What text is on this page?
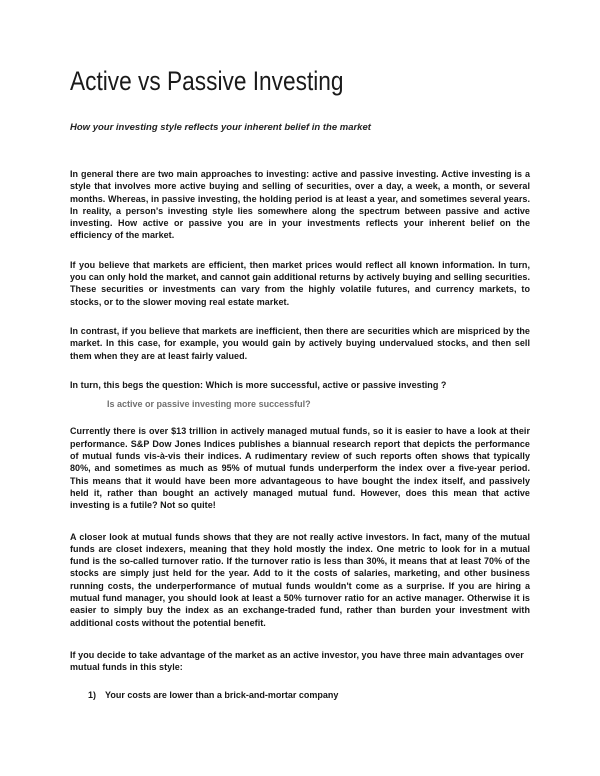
Active vs Passive Investing

How your investing style reflects your inherent belief in the market

In general there are two main approaches to investing: active and passive investing. Active investing is a style that involves more active buying and selling of securities, over a day, a week, a month, or several months. Whereas, in passive investing, the holding period is at least a year, and sometimes several years. In reality, a person's investing style lies somewhere along the spectrum between passive and active investing. How active or passive you are in your investments reflects your inherent belief on the efficiency of the market.

If you believe that markets are efficient, then market prices would reflect all known information. In turn, you can only hold the market, and cannot gain additional returns by actively buying and selling securities. These securities or investments can vary from the highly volatile futures, and currency markets, to stocks, or to the slower moving real estate market.

In contrast, if you believe that markets are inefficient, then there are securities which are mispriced by the market. In this case, for example, you would gain by actively buying undervalued stocks, and then sell them when they are at least fairly valued.

In turn, this begs the question: Which is more successful, active or passive investing ?

Is active or passive investing more successful?

Currently there is over $13 trillion in actively managed mutual funds, so it is easier to have a look at their performance. S&P Dow Jones Indices publishes a biannual research report that depicts the performance of mutual funds vis-à-vis their indices. A rudimentary review of such reports often shows that typically 80%, and sometimes as much as 95% of mutual funds underperform the index over a five-year period. This means that it would have been more advantageous to have bought the index itself, and passively held it, rather than bought an actively managed mutual fund. However, does this mean that active investing is a futile? Not so quite!

A closer look at mutual funds shows that they are not really active investors. In fact, many of the mutual funds are closet indexers, meaning that they hold mostly the index. One metric to look for in a mutual fund is the so-called turnover ratio. If the turnover ratio is less than 30%, it means that at least 70% of the stocks are simply just held for the year. Add to it the costs of salaries, marketing, and other business running costs, the underperformance of mutual funds wouldn't come as a surprise. If you are hiring a mutual fund manager, you should look at least a 50% turnover ratio for an active manager. Otherwise it is easier to simply buy the index as an exchange-traded fund, rather than burden your investment with additional costs without the potential benefit.

If you decide to take advantage of the market as an active investor, you have three main advantages over mutual funds in this style:

1) Your costs are lower than a brick-and-mortar company
